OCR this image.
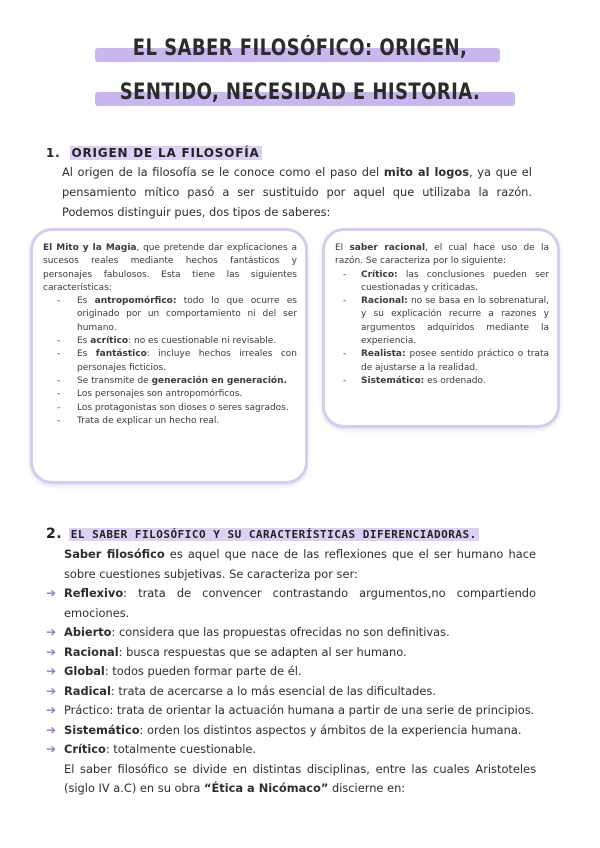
EL SABER FILOSÓFICO: ORIGEN,
SENTIDO, NECESIDAD E HISTORIA.
1. ORIGEN DE LA FILOSOFÍA
Al origen de la filosofía se le conoce como el paso del mito al logos, ya que el pensamiento mítico pasó a ser sustituido por aquel que utilizaba la razón. Podemos distinguir pues, dos tipos de saberes:

El Mito y la Magia, que pretende dar explicaciones a sucesos reales mediante hechos fantásticos y personajes fabulosos. Esta tiene las siguientes características:

- Es antropomórfico: todo lo que ocurre es originado por un comportamiento ni del ser humano.
- Es acrítico: no es cuestionable ni revisable.
- Es fantástico: incluye hechos irreales con personajes ficticios.
- Se transmite de generación en generación.
- Los personajes son antropomórficos.
- Los protagonistas son dioses o seres sagrados.
- Trata de explicar un hecho real.

El saber racional, el cual hace uso de la razón. Se caracteriza por lo siguiente:

- Crítico: las conclusiones pueden ser cuestionadas y criticadas.
- Racional: no se basa en lo sobrenatural, y su explicación recurre a razones y argumentos adquiridos mediante la experiencia.
- Realista: posee sentido práctico o trata de ajustarse a la realidad.
- Sistemático: es ordenado.
2. EL SABER FILOSÓFICO Y SU CARACTERÍSTICAS DIFERENCIADORAS.
Saber filosófico es aquel que nace de las reflexiones que el ser humano hace sobre cuestiones subjetivas. Se caracteriza por ser:
➔ Reflexivo: trata de convencer contrastando argumentos,no compartiendo emociones.
➔ Abierto: considera que las propuestas ofrecidas no son definitivas.
➔ Racional: busca respuestas que se adapten al ser humano.
➔ Global: todos pueden formar parte de él.
➔ Radical: trata de acercarse a lo más esencial de las dificultades.
➔ Práctico: trata de orientar la actuación humana a partir de una serie de principios.
➔ Sistemático: orden los distintos aspectos y ámbitos de la experiencia humana.
➔ Crítico: totalmente cuestionable.
El saber filosófico se divide en distintas disciplinas, entre las cuales Aristoteles (siglo IV a.C) en su obra “Ética a Nicómaco” discierne en:
